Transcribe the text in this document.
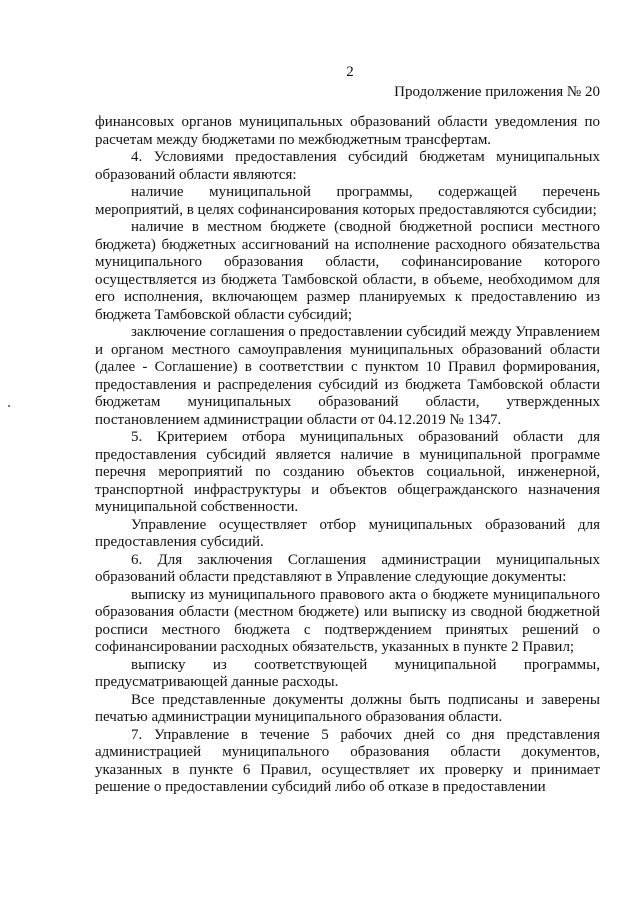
2
Продолжение приложения № 20

финансовых органов муниципальных образований области уведомления по расчетам между бюджетами по межбюджетным трансфертам.

4. Условиями предоставления субсидий бюджетам муниципальных образований области являются:

наличие муниципальной программы, содержащей перечень мероприятий, в целях софинансирования которых предоставляются субсидии;

наличие в местном бюджете (сводной бюджетной росписи местного бюджета) бюджетных ассигнований на исполнение расходного обязательства муниципального образования области, софинансирование которого осуществляется из бюджета Тамбовской области, в объеме, необходимом для его исполнения, включающем размер планируемых к предоставлению из бюджета Тамбовской области субсидий;

заключение соглашения о предоставлении субсидий между Управлением и органом местного самоуправления муниципальных образований области (далее - Соглашение) в соответствии с пунктом 10 Правил формирования, предоставления и распределения субсидий из бюджета Тамбовской области бюджетам муниципальных образований области, утвержденных постановлением администрации области от 04.12.2019 № 1347.

5. Критерием отбора муниципальных образований области для предоставления субсидий является наличие в муниципальной программе перечня мероприятий по созданию объектов социальной, инженерной, транспортной инфраструктуры и объектов общегражданского назначения муниципальной собственности.

Управление осуществляет отбор муниципальных образований для предоставления субсидий.

6. Для заключения Соглашения администрации муниципальных образований области представляют в Управление следующие документы:

выписку из муниципального правового акта о бюджете муниципального образования области (местном бюджете) или выписку из сводной бюджетной росписи местного бюджета с подтверждением принятых решений о софинансировании расходных обязательств, указанных в пункте 2 Правил;

выписку из соответствующей муниципальной программы, предусматривающей данные расходы.

Все представленные документы должны быть подписаны и заверены печатью администрации муниципального образования области.

7. Управление в течение 5 рабочих дней со дня представления администрацией муниципального образования области документов, указанных в пункте 6 Правил, осуществляет их проверку и принимает решение о предоставлении субсидий либо об отказе в предоставлении
